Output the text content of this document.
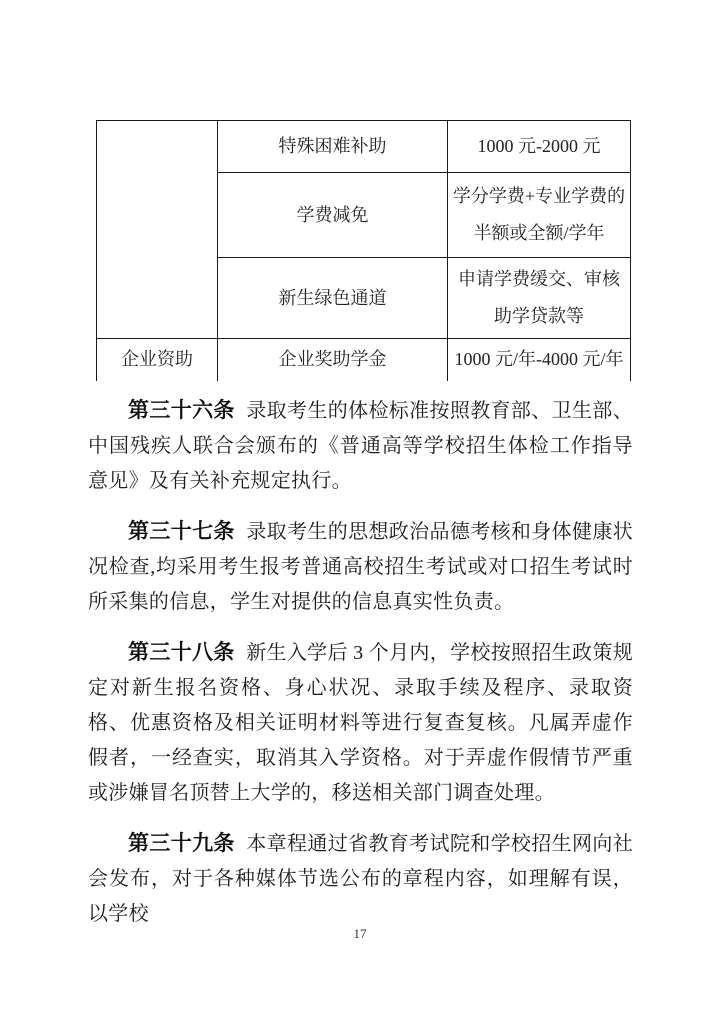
	特殊困难补助	1000 元-2000 元
	学费减免	学分学费+专业学费的半额或全额/学年
	新生绿色通道	申请学费缓交、审核助学贷款等
企业资助	企业奖助学金	1000 元/年-4000 元/年

第三十六条 录取考生的体检标准按照教育部、卫生部、中国残疾人联合会颁布的《普通高等学校招生体检工作指导意见》及有关补充规定执行。

第三十七条 录取考生的思想政治品德考核和身体健康状况检查,均采用考生报考普通高校招生考试或对口招生考试时所采集的信息，学生对提供的信息真实性负责。

第三十八条 新生入学后 3 个月内，学校按照招生政策规定对新生报名资格、身心状况、录取手续及程序、录取资格、优惠资格及相关证明材料等进行复查复核。凡属弄虚作假者，一经查实，取消其入学资格。对于弄虚作假情节严重或涉嫌冒名顶替上大学的，移送相关部门调查处理。

第三十九条 本章程通过省教育考试院和学校招生网向社会发布，对于各种媒体节选公布的章程内容，如理解有误，以学校

17
